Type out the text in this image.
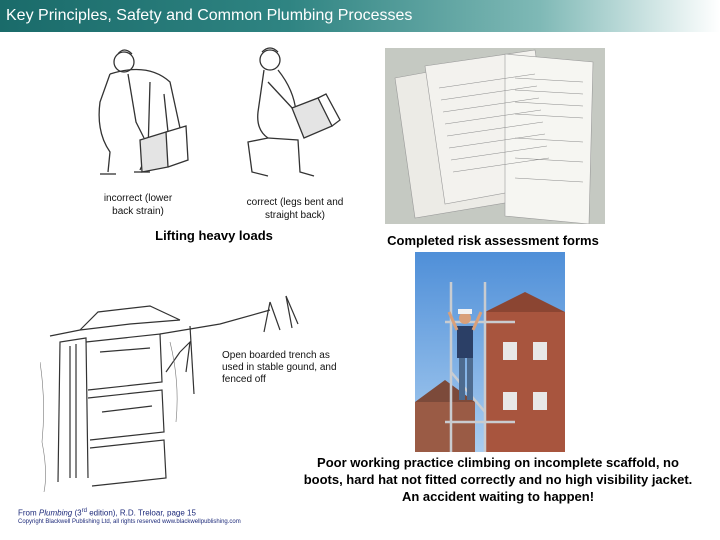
Key Principles, Safety and Common Plumbing Processes
incorrect (lower back strain)
correct (legs bent and straight back)
Lifting heavy loads	Completed risk assessment forms
Open boarded trench as used in stable gound, and fenced off
Poor working practice climbing on incomplete scaffold, no boots, hard hat not fitted correctly and no high visibility jacket. An accident waiting to happen!
From Plumbing (3rd edition), R.D. Treloar, page 15
Copyright Blackwell Publishing Ltd, all rights reserved www.blackwellpublishing.com
